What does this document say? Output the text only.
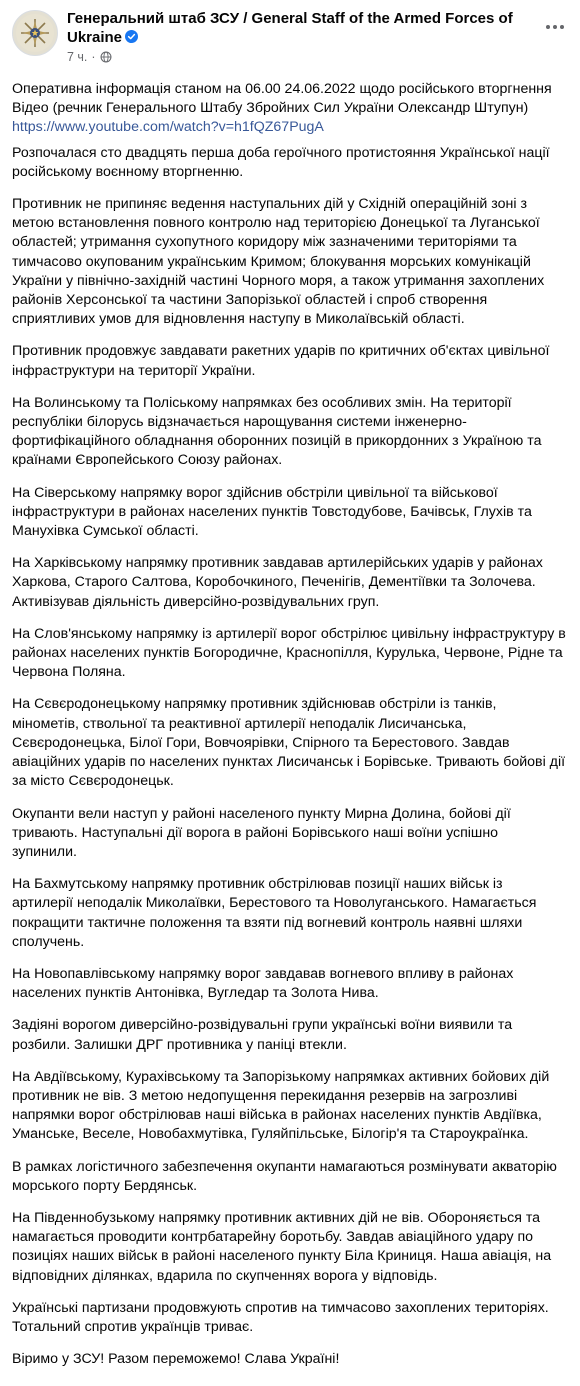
Генеральний штаб ЗСУ / General Staff of the Armed Forces of Ukraine
7 ч. ·

Оперативна інформація станом на 06.00 24.06.2022 щодо російського вторгнення
Відео (речник Генерального Штабу Збройних Сил України Олександр Штупун)
https://www.youtube.com/watch?v=h1fQZ67PugA

Розпочалася сто двадцять перша доба героїчного протистояння Української нації російському воєнному вторгненню.

Противник не припиняє ведення наступальних дій у Східній операційній зоні з метою встановлення повного контролю над територією Донецької та Луганської областей; утримання сухопутного коридору між зазначеними територіями та тимчасово окупованим українським Кримом; блокування морських комунікацій України у північно-західній частині Чорного моря, а також утримання захоплених районів Херсонської та частини Запорізької областей і спроб створення сприятливих умов для відновлення наступу в Миколаївській області.

Противник продовжує завдавати ракетних ударів по критичних об'єктах цивільної інфраструктури на території України.

На Волинському та Поліському напрямках без особливих змін. На території республіки білорусь відзначається нарощування системи інженерно-фортифікаційного обладнання оборонних позицій в прикордонних з Україною та країнами Європейського Союзу районах.

На Сіверському напрямку ворог здійснив обстріли цивільної та військової інфраструктури в районах населених пунктів Товстодубове, Бачівськ, Глухів та Манухівка Сумської області.

На Харківському напрямку противник завдавав артилерійських ударів у районах Харкова, Старого Салтова, Коробочкиного, Печенігів, Дементіївки та Золочева. Активізував діяльність диверсійно-розвідувальних груп.

На Слов'янському напрямку із артилерії ворог обстрілює цивільну інфраструктуру в районах населених пунктів Богородичне, Краснопілля, Курулька, Червоне, Рідне та Червона Поляна.

На Сєвєродонецькому напрямку противник здійснював обстріли із танків, мінометів, ствольної та реактивної артилерії неподалік Лисичанська, Сєвєродонецька, Білої Гори, Вовчоярівки, Спірного та Берестового. Завдав авіаційних ударів по населених пунктах Лисичанськ і Борівське. Тривають бойові дії за місто Сєвєродонецьк.

Окупанти вели наступ у районі населеного пункту Мирна Долина, бойові дії тривають. Наступальні дії ворога в районі Борівського наші воїни успішно зупинили.

На Бахмутському напрямку противник обстрілював позиції наших військ із артилерії неподалік Миколаївки, Берестового та Новолуганського. Намагається покращити тактичне положення та взяти під вогневий контроль наявні шляхи сполучень.

На Новопавлівському напрямку ворог завдавав вогневого впливу в районах населених пунктів Антонівка, Вугледар та Золота Нива.

Задіяні ворогом диверсійно-розвідувальні групи українські воїни виявили та розбили. Залишки ДРГ противника у паніці втекли.

На Авдіївському, Курахівському та Запорізькому напрямках активних бойових дій противник не вів. З метою недопущення перекидання резервів на загрозливі напрямки ворог обстрілював наші війська в районах населених пунктів Авдіївка, Уманське, Веселе, Новобахмутівка, Гуляйпільське, Білогір'я та Староукраїнка.

В рамках логістичного забезпечення окупанти намагаються розмінувати акваторію морського порту Бердянськ.

На Південнобузькому напрямку противник активних дій не вів. Обороняється та намагається проводити контрбатарейну боротьбу. Завдав авіаційного удару по позиціях наших військ в районі населеного пункту Біла Криниця. Наша авіація, на відповідних ділянках, вдарила по скупченнях ворога у відповідь.

Українські партизани продовжують спротив на тимчасово захоплених територіях. Тотальний спротив українців триває.

Віримо у ЗСУ! Разом переможемо! Слава Україні!
